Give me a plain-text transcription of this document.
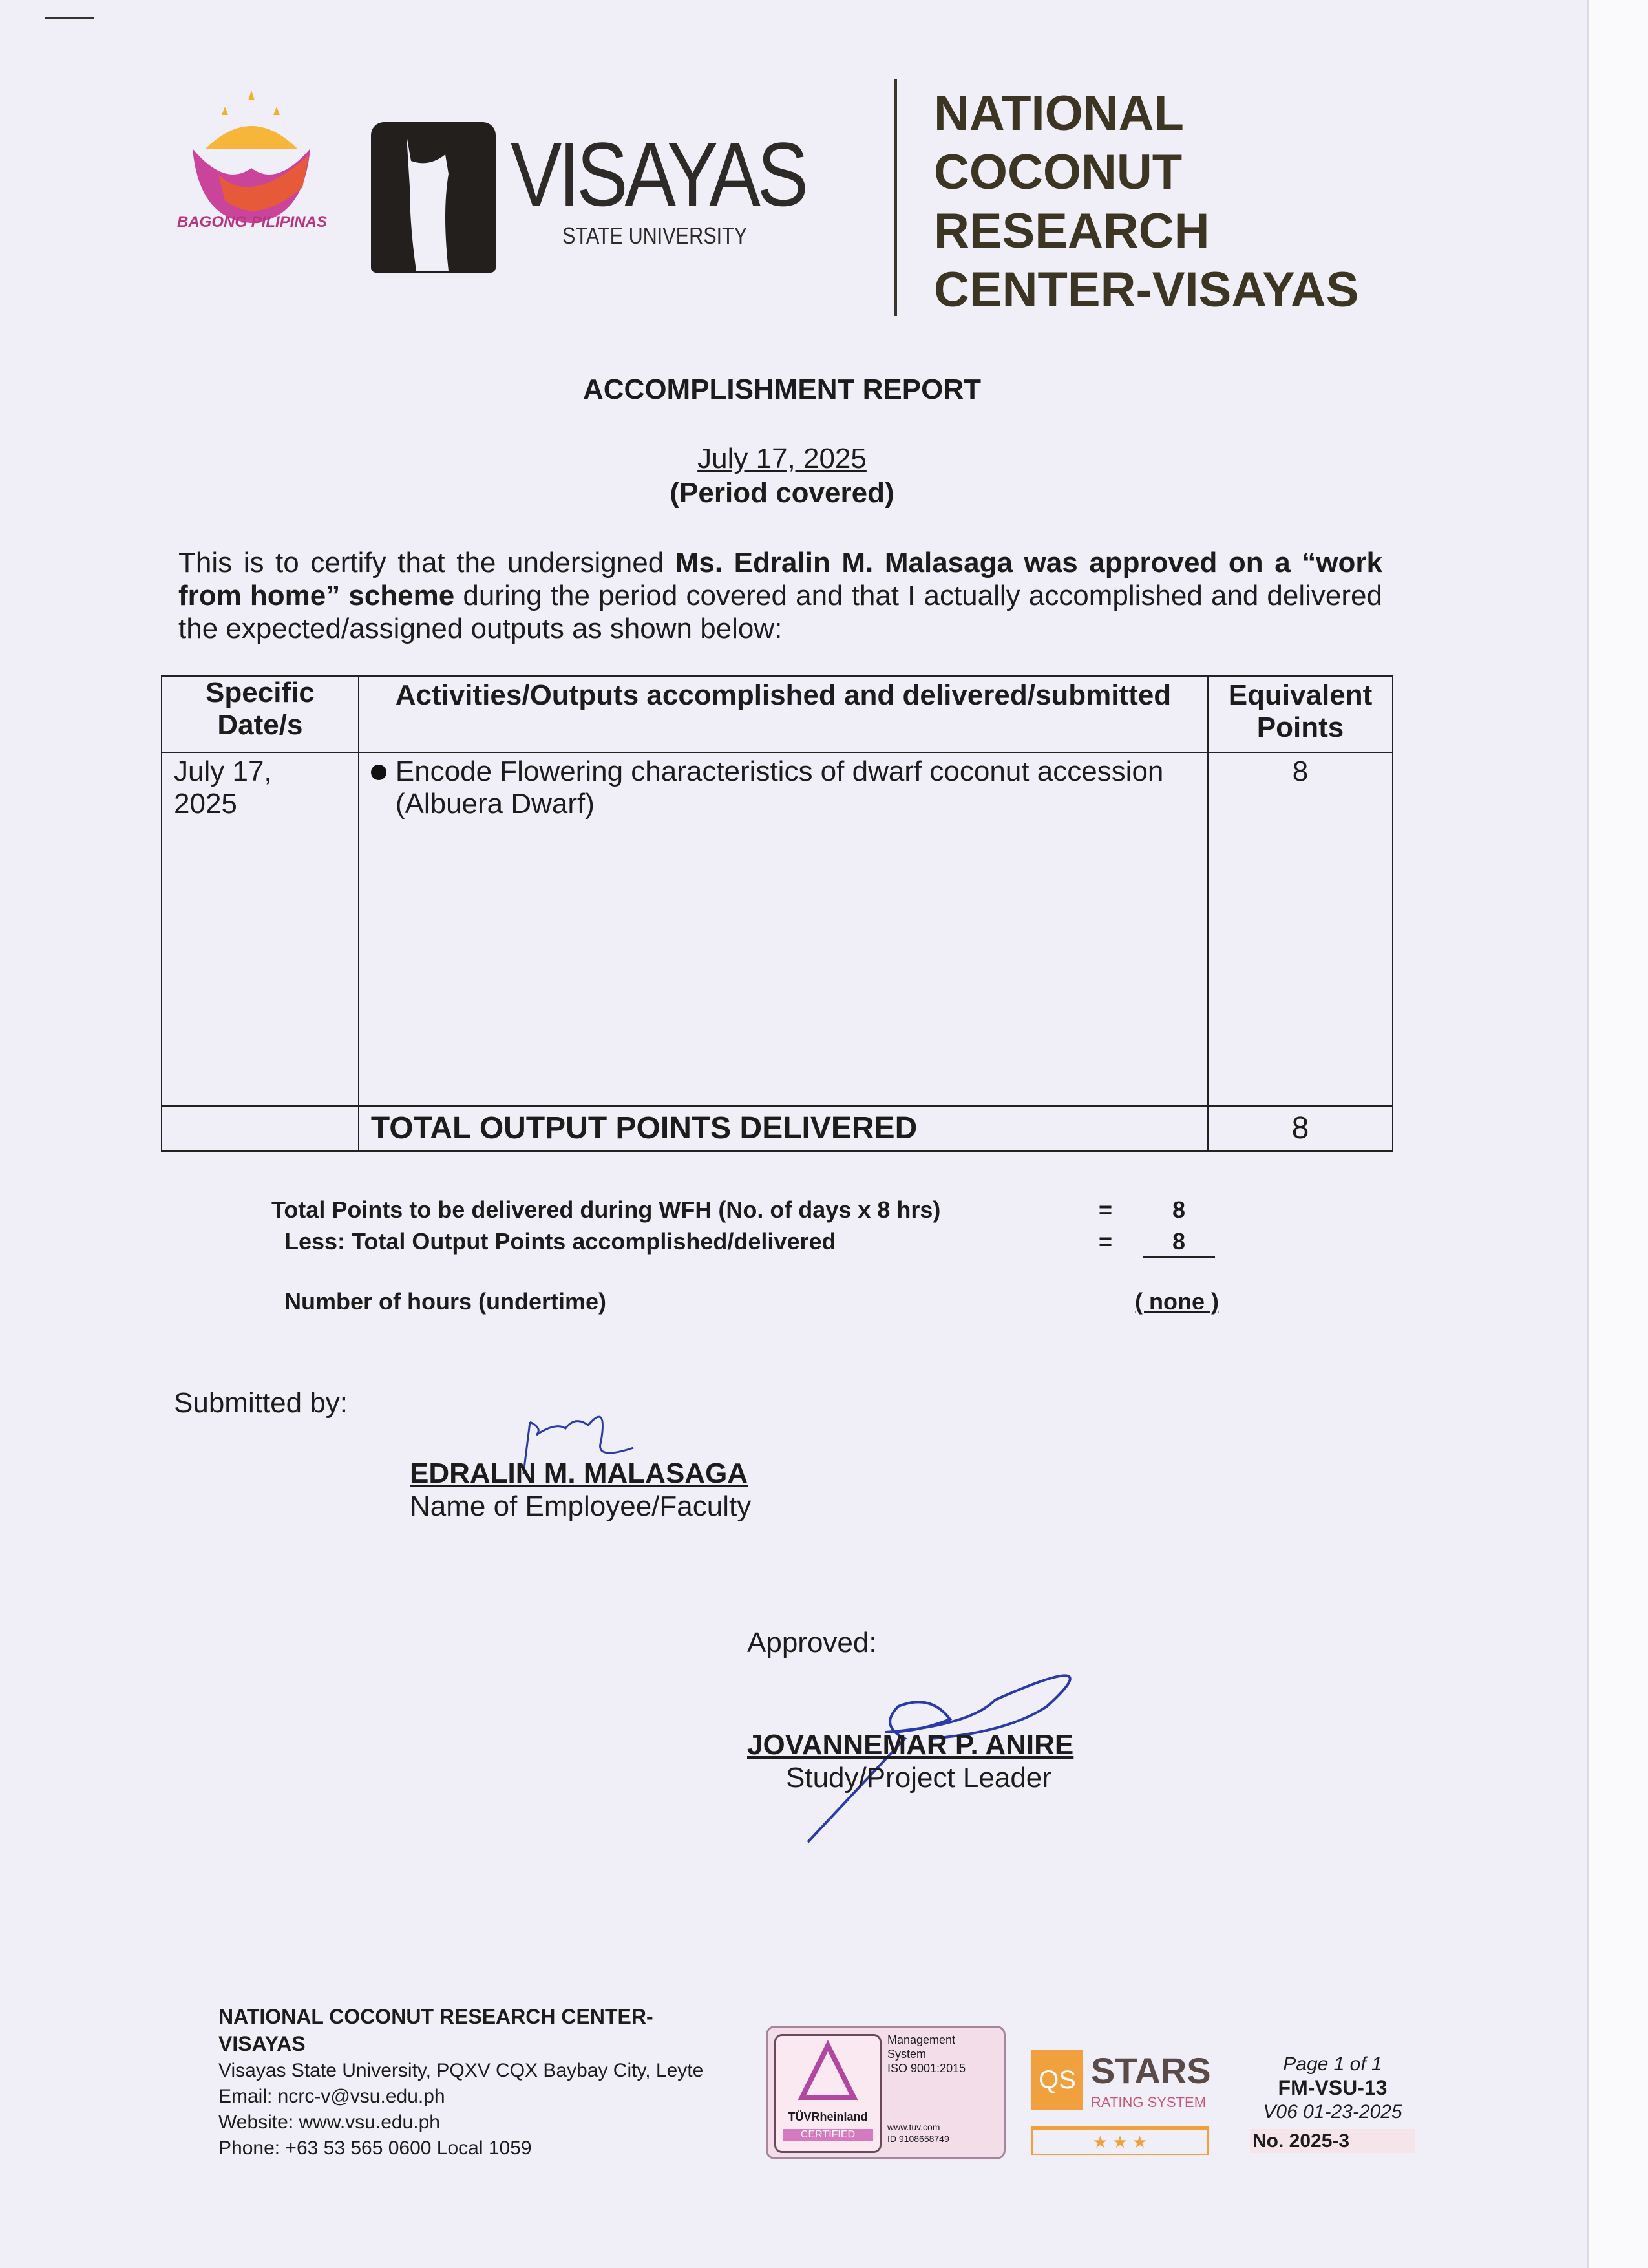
BAGONG PILIPINAS VISAYAS
STATE UNIVERSITY
NATIONAL
COCONUT
RESEARCH
CENTER-VISAYAS
ACCOMPLISHMENT REPORT
July 17, 2025
(Period covered)
This is to certify that the undersigned Ms. Edralin M. Malasaga was approved on a “work from home” scheme during the period covered and that I actually accomplished and delivered the expected/assigned outputs as shown below:
Specific Date/s	Activities/Outputs accomplished and delivered/submitted	Equivalent Points

July 17, 2025	Encode Flowering characteristics of dwarf coconut accession (Albuera Dwarf)	8
	TOTAL OUTPUT POINTS DELIVERED	8
Total Points to be delivered during WFH (No. of days x 8 hrs)	=	8
Less: Total Output Points accomplished/delivered	=	8
Number of hours (undertime)	( none )
Submitted by:
EDRALIN M. MALASAGA
Name of Employee/Faculty
Approved:
JOVANNEMAR P. ANIRE
Study/Project Leader
NATIONAL COCONUT RESEARCH CENTER-VISAYAS
Visayas State University, PQXV CQX Baybay City, Leyte
Email: ncrc-v@vsu.edu.ph
Website: www.vsu.edu.ph
Phone: +63 53 565 0600 Local 1059
TÜVRheinland
CERTIFIED
Management System
ISO 9001:2015
www.tuv.com
ID 9108658749
QS STARS
RATING SYSTEM
★ ★ ★
Page 1 of 1
FM-VSU-13
V06 01-23-2025
No. 2025-3
